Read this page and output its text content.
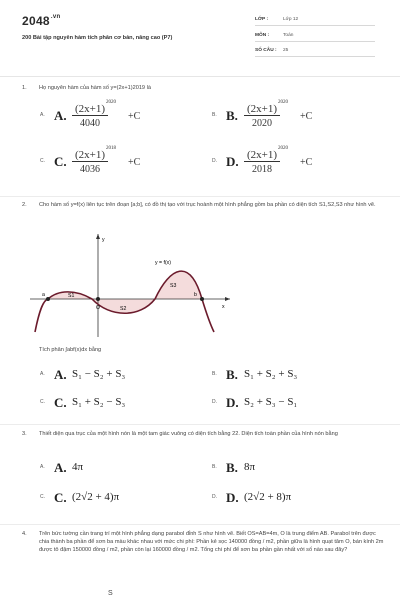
$2048^{.vn}$
200 Bài tập nguyên hàm tích phân cơ bản, nâng cao (P7)
LỚP :	Lớp 12
MÔN :	Toán
SỐ CÂU : 25
1. Họ nguyên hàm của hàm số y=(2x+1)2019 là
A. A. (2x+1)
2020
4040 +C	B. B. (2x+1)
2020
2020 +C
C. C. (2x+1)
2018
4036 +C	D. D. (2x+1)
2020
2018 +C
2. Cho hàm số y=f(x) liên tục trên đoạn [a;b], có đồ thị tạo với trục hoành một hình phẳng gồm ba phần có diện tích S1,S2,S3 như hình vẽ.
y
x
y = f(x)
a
O
b
S1
S2
S3
Tích phân ∫abf(x)dx bằng
A. A. S₁ − S₂ + S₃	B. B. S₁ + S₂ + S₃
C. C. S₁ + S₂ − S₃	D. D. S₂ + S₃ − S₁
3. Thiết diện qua trục của một hình nón là một tam giác vuông có diện tích bằng 22. Diện tích toàn phần của hình nón bằng
A. A. 4π	B. B. 8π
C. C. (2√2 + 4)π	D. D. (2√2 + 8)π
4. Trên bức tường cần trang trí một hình phẳng dạng parabol đỉnh S như hình vẽ. Biết OS=AB=4m, O là trung điểm AB. Parabol trên được chia thành ba phần để sơn ba màu khác nhau với mức chi phí: Phần kẻ sọc 140000 đồng / m2, phần giữa là hình quạt tâm O, bán kính 2m được tô đậm 150000 đồng / m2, phần còn lại 160000 đồng / m2. Tổng chi phí để sơn ba phần gần nhất với số nào sau đây?
S
